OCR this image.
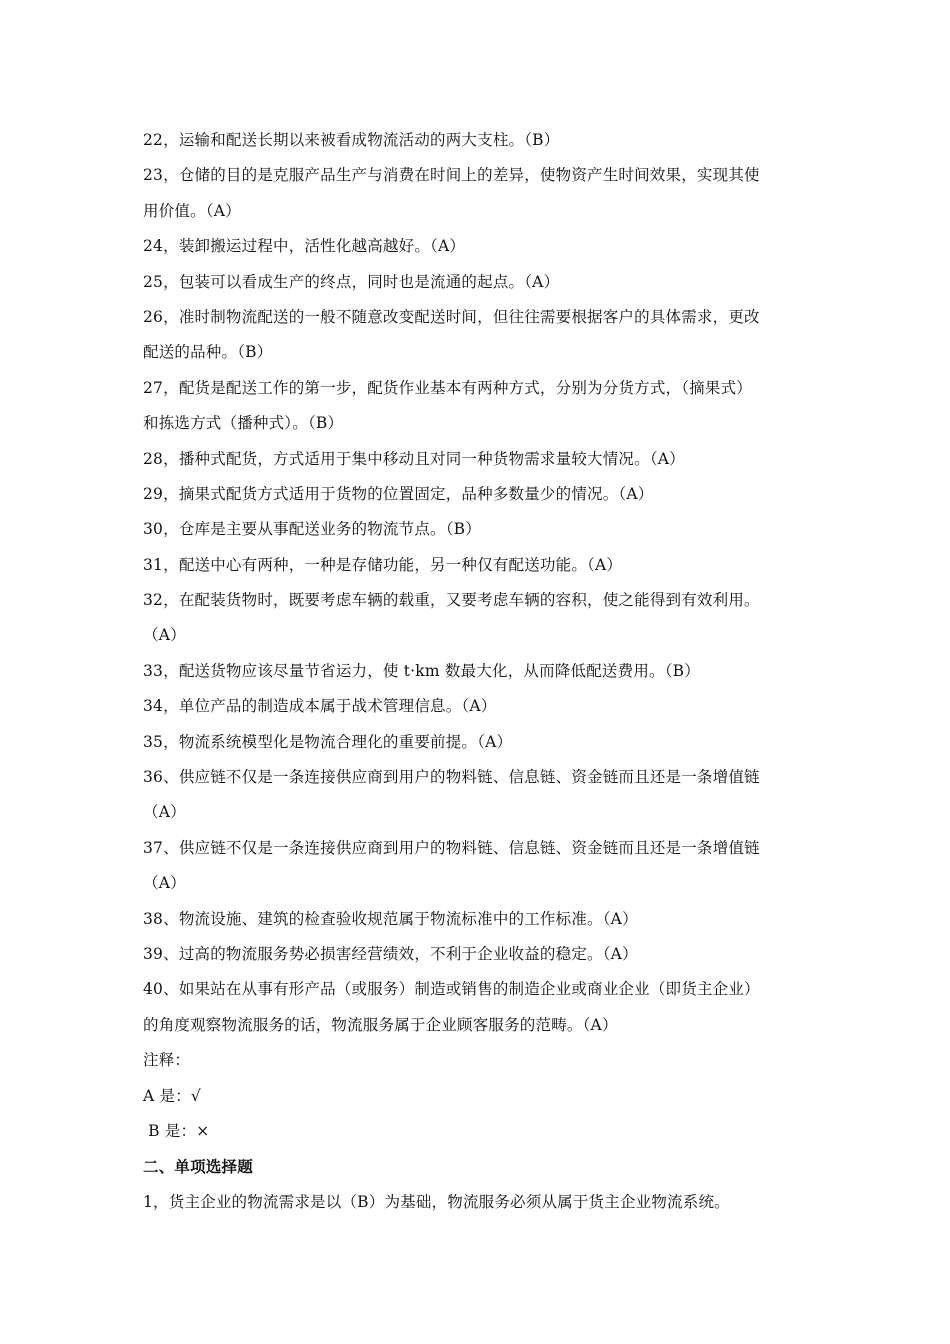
22，运输和配送长期以来被看成物流活动的两大支柱。（B）
23，仓储的目的是克服产品生产与消费在时间上的差异，使物资产生时间效果，实现其使
用价值。（A）
24，装卸搬运过程中，活性化越高越好。（A）
25，包装可以看成生产的终点，同时也是流通的起点。（A）
26，准时制物流配送的一般不随意改变配送时间，但往往需要根据客户的具体需求，更改
配送的品种。（B）
27，配货是配送工作的第一步，配货作业基本有两种方式，分别为分货方式，（摘果式）
和拣选方式（播种式）。（B）
28，播种式配货，方式适用于集中移动且对同一种货物需求量较大情况。（A）
29，摘果式配货方式适用于货物的位置固定，品种多数量少的情况。（A）
30，仓库是主要从事配送业务的物流节点。（B）
31，配送中心有两种，一种是存储功能，另一种仅有配送功能。（A）
32，在配装货物时，既要考虑车辆的载重，又要考虑车辆的容积，使之能得到有效利用。
（A）
33，配送货物应该尽量节省运力，使 t·km 数最大化，从而降低配送费用。（B）
34，单位产品的制造成本属于战术管理信息。（A）
35，物流系统模型化是物流合理化的重要前提。（A）
36、供应链不仅是一条连接供应商到用户的物料链、信息链、资金链而且还是一条增值链
（A）
37、供应链不仅是一条连接供应商到用户的物料链、信息链、资金链而且还是一条增值链
（A）
38、物流设施、建筑的检查验收规范属于物流标准中的工作标准。（A）
39、过高的物流服务势必损害经营绩效，不利于企业收益的稳定。（A）
40、如果站在从事有形产品（或服务）制造或销售的制造企业或商业企业（即货主企业）
的角度观察物流服务的话，物流服务属于企业顾客服务的范畴。（A）
注释：
A 是：√
B 是：×
二、单项选择题
1，货主企业的物流需求是以（B）为基础，物流服务必须从属于货主企业物流系统。
